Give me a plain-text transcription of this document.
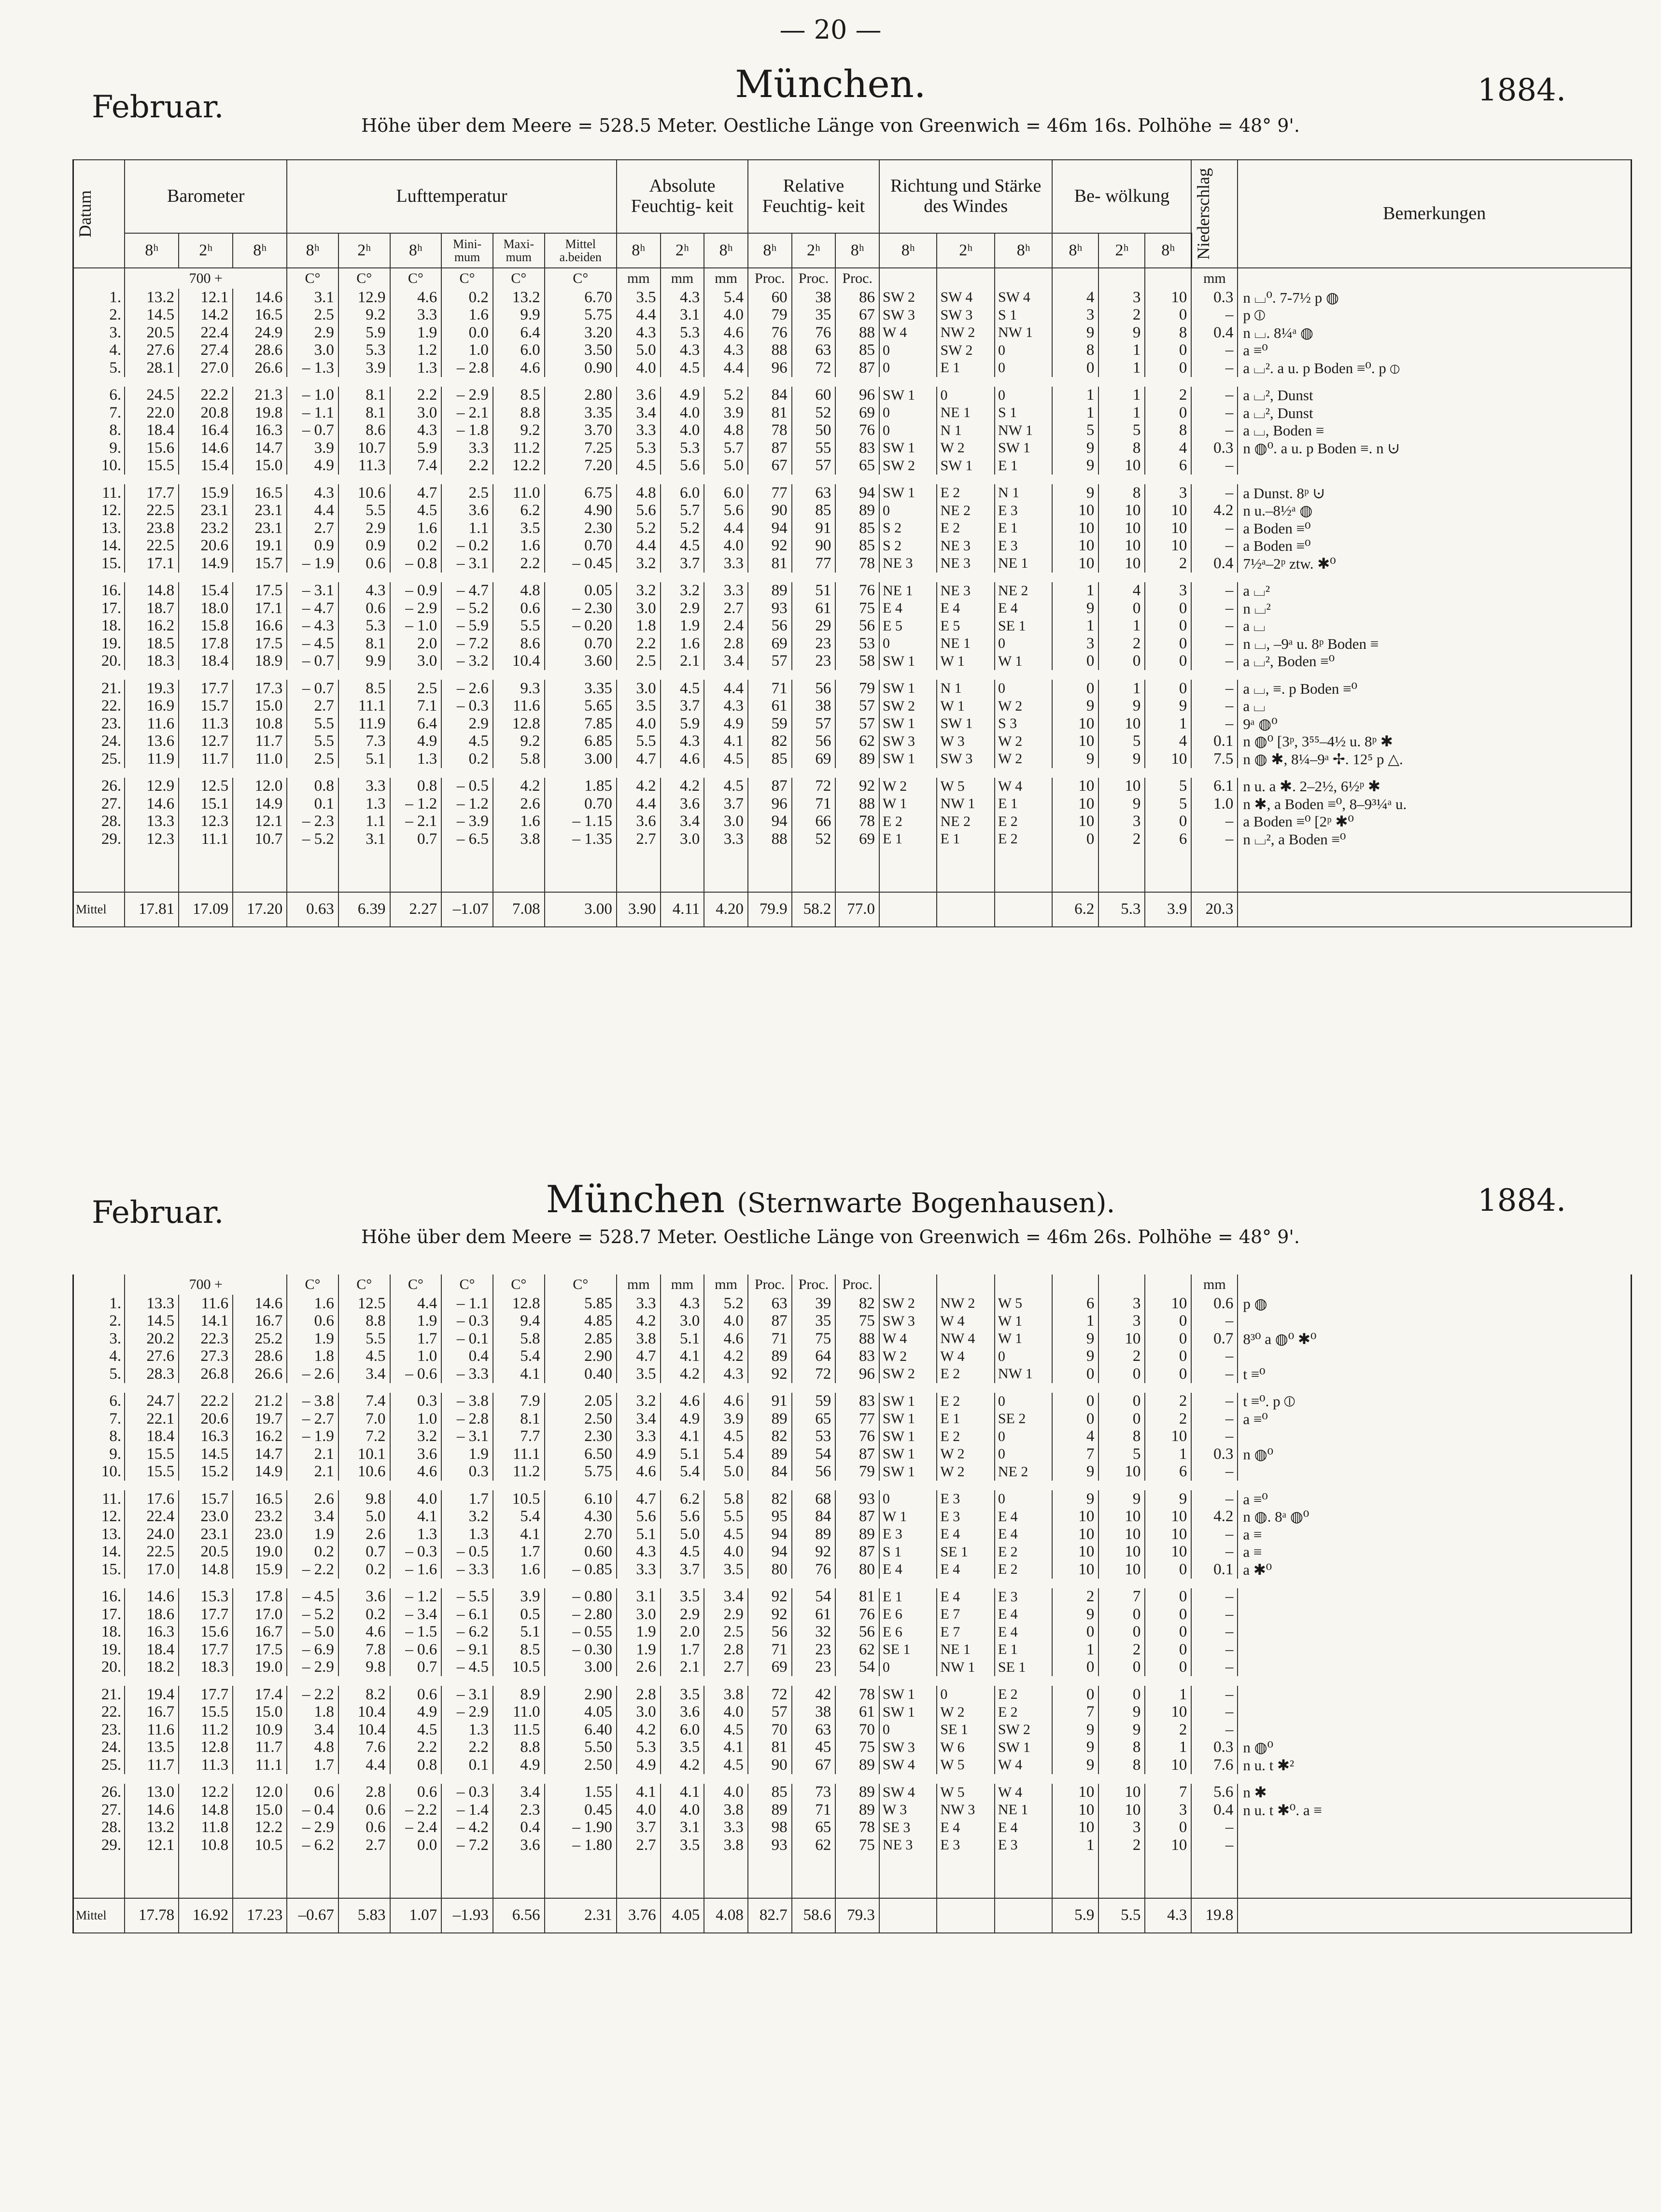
— 20 —
Februar.
München.	1884.
Höhe über dem Meere = 528.5 Meter. Oestliche Länge von Greenwich = 46m 16s. Polhöhe = 48° 9'.
Datum	Barometer			Lufttemperatur						Absolute Feuchtig- keit			Relative Feuchtig- keit			Richtung und Stärke des Windes			Be- wölkung			Niederschlag	Bemerkungen
	8ʰ	2ʰ	8ʰ	8ʰ	2ʰ	8ʰ	Mini- mum	Maxi- mum	Mittel a.beiden	8ʰ	2ʰ	8ʰ	8ʰ	2ʰ	8ʰ	8ʰ	2ʰ	8ʰ	8ʰ	2ʰ	8ʰ		
	700 +			C°	C°	C°	C°	C°	C°	mm	mm	mm	Proc.	Proc.	Proc.							mm	
1.	13.2	12.1	14.6	3.1	12.9	4.6	0.2	13.2	6.70	3.5	4.3	5.4	60	38	86	SW 2	SW 4	SW 4	4	3	10	0.3	n ⌴⁰. 7-7½ p ◍
2.	14.5	14.2	16.5	2.5	9.2	3.3	1.6	9.9	5.75	4.4	3.1	4.0	79	35	67	SW 3	SW 3	S 1	3	2	0	–	p ⦶
3.	20.5	22.4	24.9	2.9	5.9	1.9	0.0	6.4	3.20	4.3	5.3	4.6	76	76	88	W 4	NW 2	NW 1	9	9	8	0.4	n ⌴. 8¼ᵃ ◍
4.	27.6	27.4	28.6	3.0	5.3	1.2	1.0	6.0	3.50	5.0	4.3	4.3	88	63	85	0	SW 2	0	8	1	0	–	a ≡⁰
5.	28.1	27.0	26.6	– 1.3	3.9	1.3	– 2.8	4.6	0.90	4.0	4.5	4.4	96	72	87	0	E 1	0	0	1	0	–	a ⌴². a u. p Boden ≡⁰. p ⦶

6.	24.5	22.2	21.3	– 1.0	8.1	2.2	– 2.9	8.5	2.80	3.6	4.9	5.2	84	60	96	SW 1	0	0	1	1	2	–	a ⌴², Dunst
7.	22.0	20.8	19.8	– 1.1	8.1	3.0	– 2.1	8.8	3.35	3.4	4.0	3.9	81	52	69	0	NE 1	S 1	1	1	0	–	a ⌴², Dunst
8.	18.4	16.4	16.3	– 0.7	8.6	4.3	– 1.8	9.2	3.70	3.3	4.0	4.8	78	50	76	0	N 1	NW 1	5	5	8	–	a ⌴, Boden ≡
9.	15.6	14.6	14.7	3.9	10.7	5.9	3.3	11.2	7.25	5.3	5.3	5.7	87	55	83	SW 1	W 2	SW 1	9	8	4	0.3	n ◍⁰. a u. p Boden ≡. n ⊍
10.	15.5	15.4	15.0	4.9	11.3	7.4	2.2	12.2	7.20	4.5	5.6	5.0	67	57	65	SW 2	SW 1	E 1	9	10	6	–	

11.	17.7	15.9	16.5	4.3	10.6	4.7	2.5	11.0	6.75	4.8	6.0	6.0	77	63	94	SW 1	E 2	N 1	9	8	3	–	a Dunst. 8ᵖ ⊍
12.	22.5	23.1	23.1	4.4	5.5	4.5	3.6	6.2	4.90	5.6	5.7	5.6	90	85	89	0	NE 2	E 3	10	10	10	4.2	n u.–8½ᵃ ◍
13.	23.8	23.2	23.1	2.7	2.9	1.6	1.1	3.5	2.30	5.2	5.2	4.4	94	91	85	S 2	E 2	E 1	10	10	10	–	a Boden ≡⁰
14.	22.5	20.6	19.1	0.9	0.9	0.2	– 0.2	1.6	0.70	4.4	4.5	4.0	92	90	85	S 2	NE 3	E 3	10	10	10	–	a Boden ≡⁰
15.	17.1	14.9	15.7	– 1.9	0.6	– 0.8	– 3.1	2.2	– 0.45	3.2	3.7	3.3	81	77	78	NE 3	NE 3	NE 1	10	10	2	0.4	7½ᵃ–2ᵖ ztw. ✱⁰

16.	14.8	15.4	17.5	– 3.1	4.3	– 0.9	– 4.7	4.8	0.05	3.2	3.2	3.3	89	51	76	NE 1	NE 3	NE 2	1	4	3	–	a ⌴²
17.	18.7	18.0	17.1	– 4.7	0.6	– 2.9	– 5.2	0.6	– 2.30	3.0	2.9	2.7	93	61	75	E 4	E 4	E 4	9	0	0	–	n ⌴²
18.	16.2	15.8	16.6	– 4.3	5.3	– 1.0	– 5.9	5.5	– 0.20	1.8	1.9	2.4	56	29	56	E 5	E 5	SE 1	1	1	0	–	a ⌴
19.	18.5	17.8	17.5	– 4.5	8.1	2.0	– 7.2	8.6	0.70	2.2	1.6	2.8	69	23	53	0	NE 1	0	3	2	0	–	n ⌴, –9ᵃ u. 8ᵖ Boden ≡
20.	18.3	18.4	18.9	– 0.7	9.9	3.0	– 3.2	10.4	3.60	2.5	2.1	3.4	57	23	58	SW 1	W 1	W 1	0	0	0	–	a ⌴², Boden ≡⁰

21.	19.3	17.7	17.3	– 0.7	8.5	2.5	– 2.6	9.3	3.35	3.0	4.5	4.4	71	56	79	SW 1	N 1	0	0	1	0	–	a ⌴, ≡. p Boden ≡⁰
22.	16.9	15.7	15.0	2.7	11.1	7.1	– 0.3	11.6	5.65	3.5	3.7	4.3	61	38	57	SW 2	W 1	W 2	9	9	9	–	a ⌴
23.	11.6	11.3	10.8	5.5	11.9	6.4	2.9	12.8	7.85	4.0	5.9	4.9	59	57	57	SW 1	SW 1	S 3	10	10	1	–	9ᵃ ◍⁰
24.	13.6	12.7	11.7	5.5	7.3	4.9	4.5	9.2	6.85	5.5	4.3	4.1	82	56	62	SW 3	W 3	W 2	10	5	4	0.1	n ◍⁰ [3ᵖ, 3⁵⁵–4½ u. 8ᵖ ✱
25.	11.9	11.7	11.0	2.5	5.1	1.3	0.2	5.8	3.00	4.7	4.6	4.5	85	69	89	SW 1	SW 3	W 2	9	9	10	7.5	n ◍ ✱, 8¼–9ᵃ ✢. 12⁵ p △.

26.	12.9	12.5	12.0	0.8	3.3	0.8	– 0.5	4.2	1.85	4.2	4.2	4.5	87	72	92	W 2	W 5	W 4	10	10	5	6.1	n u. a ✱. 2–2½, 6½ᵖ ✱
27.	14.6	15.1	14.9	0.1	1.3	– 1.2	– 1.2	2.6	0.70	4.4	3.6	3.7	96	71	88	W 1	NW 1	E 1	10	9	5	1.0	n ✱, a Boden ≡⁰, 8–9³¼ᵃ u.
28.	13.3	12.3	12.1	– 2.3	1.1	– 2.1	– 3.9	1.6	– 1.15	3.6	3.4	3.0	94	66	78	E 2	NE 2	E 2	10	3	0	–	a Boden ≡⁰ [2ᵖ ✱⁰
29.	12.3	11.1	10.7	– 5.2	3.1	0.7	– 6.5	3.8	– 1.35	2.7	3.0	3.3	88	52	69	E 1	E 1	E 2	0	2	6	–	n ⌴², a Boden ≡⁰

Mittel	17.81	17.09	17.20	0.63	6.39	2.27	–1.07	7.08	3.00	3.90	4.11	4.20	79.9	58.2	77.0				6.2	5.3	3.9	20.3	
Februar.	München (Sternwarte Bogenhausen).	1884.
Höhe über dem Meere = 528.7 Meter. Oestliche Länge von Greenwich = 46m 26s. Polhöhe = 48° 9'.
	700 +			C°	C°	C°	C°	C°	C°	mm	mm	mm	Proc.	Proc.	Proc.							mm	
1.	13.3	11.6	14.6	1.6	12.5	4.4	– 1.1	12.8	5.85	3.3	4.3	5.2	63	39	82	SW 2	NW 2	W 5	6	3	10	0.6	p ◍
2.	14.5	14.1	16.7	0.6	8.8	1.9	– 0.3	9.4	4.85	4.2	3.0	4.0	87	35	75	SW 3	W 4	W 1	1	3	0	–	
3.	20.2	22.3	25.2	1.9	5.5	1.7	– 0.1	5.8	2.85	3.8	5.1	4.6	71	75	88	W 4	NW 4	W 1	9	10	0	0.7	8³⁰ a ◍⁰ ✱⁰
4.	27.6	27.3	28.6	1.8	4.5	1.0	0.4	5.4	2.90	4.7	4.1	4.2	89	64	83	W 2	W 4	0	9	2	0	–	
5.	28.3	26.8	26.6	– 2.6	3.4	– 0.6	– 3.3	4.1	0.40	3.5	4.2	4.3	92	72	96	SW 2	E 2	NW 1	0	0	0	–	t ≡⁰

6.	24.7	22.2	21.2	– 3.8	7.4	0.3	– 3.8	7.9	2.05	3.2	4.6	4.6	91	59	83	SW 1	E 2	0	0	0	2	–	t ≡⁰. p ⦶
7.	22.1	20.6	19.7	– 2.7	7.0	1.0	– 2.8	8.1	2.50	3.4	4.9	3.9	89	65	77	SW 1	E 1	SE 2	0	0	2	–	a ≡⁰
8.	18.4	16.3	16.2	– 1.9	7.2	3.2	– 3.1	7.7	2.30	3.3	4.1	4.5	82	53	76	SW 1	E 2	0	4	8	10	–	
9.	15.5	14.5	14.7	2.1	10.1	3.6	1.9	11.1	6.50	4.9	5.1	5.4	89	54	87	SW 1	W 2	0	7	5	1	0.3	n ◍⁰
10.	15.5	15.2	14.9	2.1	10.6	4.6	0.3	11.2	5.75	4.6	5.4	5.0	84	56	79	SW 1	W 2	NE 2	9	10	6	–	

11.	17.6	15.7	16.5	2.6	9.8	4.0	1.7	10.5	6.10	4.7	6.2	5.8	82	68	93	0	E 3	0	9	9	9	–	a ≡⁰
12.	22.4	23.0	23.2	3.4	5.0	4.1	3.2	5.4	4.30	5.6	5.6	5.5	95	84	87	W 1	E 3	E 4	10	10	10	4.2	n ◍. 8ᵃ ◍⁰
13.	24.0	23.1	23.0	1.9	2.6	1.3	1.3	4.1	2.70	5.1	5.0	4.5	94	89	89	E 3	E 4	E 4	10	10	10	–	a ≡
14.	22.5	20.5	19.0	0.2	0.7	– 0.3	– 0.5	1.7	0.60	4.3	4.5	4.0	94	92	87	S 1	SE 1	E 2	10	10	10	–	a ≡
15.	17.0	14.8	15.9	– 2.2	0.2	– 1.6	– 3.3	1.6	– 0.85	3.3	3.7	3.5	80	76	80	E 4	E 4	E 2	10	10	0	0.1	a ✱⁰

16.	14.6	15.3	17.8	– 4.5	3.6	– 1.2	– 5.5	3.9	– 0.80	3.1	3.5	3.4	92	54	81	E 1	E 4	E 3	2	7	0	–	
17.	18.6	17.7	17.0	– 5.2	0.2	– 3.4	– 6.1	0.5	– 2.80	3.0	2.9	2.9	92	61	76	E 6	E 7	E 4	9	0	0	–	
18.	16.3	15.6	16.7	– 5.0	4.6	– 1.5	– 6.2	5.1	– 0.55	1.9	2.0	2.5	56	32	56	E 6	E 7	E 4	0	0	0	–	
19.	18.4	17.7	17.5	– 6.9	7.8	– 0.6	– 9.1	8.5	– 0.30	1.9	1.7	2.8	71	23	62	SE 1	NE 1	E 1	1	2	0	–	
20.	18.2	18.3	19.0	– 2.9	9.8	0.7	– 4.5	10.5	3.00	2.6	2.1	2.7	69	23	54	0	NW 1	SE 1	0	0	0	–	

21.	19.4	17.7	17.4	– 2.2	8.2	0.6	– 3.1	8.9	2.90	2.8	3.5	3.8	72	42	78	SW 1	0	E 2	0	0	1	–	
22.	16.7	15.5	15.0	1.8	10.4	4.9	– 2.9	11.0	4.05	3.0	3.6	4.0	57	38	61	SW 1	W 2	E 2	7	9	10	–	
23.	11.6	11.2	10.9	3.4	10.4	4.5	1.3	11.5	6.40	4.2	6.0	4.5	70	63	70	0	SE 1	SW 2	9	9	2	–	
24.	13.5	12.8	11.7	4.8	7.6	2.2	2.2	8.8	5.50	5.3	3.5	4.1	81	45	75	SW 3	W 6	SW 1	9	8	1	0.3	n ◍⁰
25.	11.7	11.3	11.1	1.7	4.4	0.8	0.1	4.9	2.50	4.9	4.2	4.5	90	67	89	SW 4	W 5	W 4	9	8	10	7.6	n u. t ✱²

26.	13.0	12.2	12.0	0.6	2.8	0.6	– 0.3	3.4	1.55	4.1	4.1	4.0	85	73	89	SW 4	W 5	W 4	10	10	7	5.6	n ✱
27.	14.6	14.8	15.0	– 0.4	0.6	– 2.2	– 1.4	2.3	0.45	4.0	4.0	3.8	89	71	89	W 3	NW 3	NE 1	10	10	3	0.4	n u. t ✱⁰. a ≡
28.	13.2	11.8	12.2	– 2.9	0.6	– 2.4	– 4.2	0.4	– 1.90	3.7	3.1	3.3	98	65	78	SE 3	E 4	E 4	10	3	0	–	
29.	12.1	10.8	10.5	– 6.2	2.7	0.0	– 7.2	3.6	– 1.80	2.7	3.5	3.8	93	62	75	NE 3	E 3	E 3	1	2	10	–	

Mittel	17.78	16.92	17.23	–0.67	5.83	1.07	–1.93	6.56	2.31	3.76	4.05	4.08	82.7	58.6	79.3				5.9	5.5	4.3	19.8	
